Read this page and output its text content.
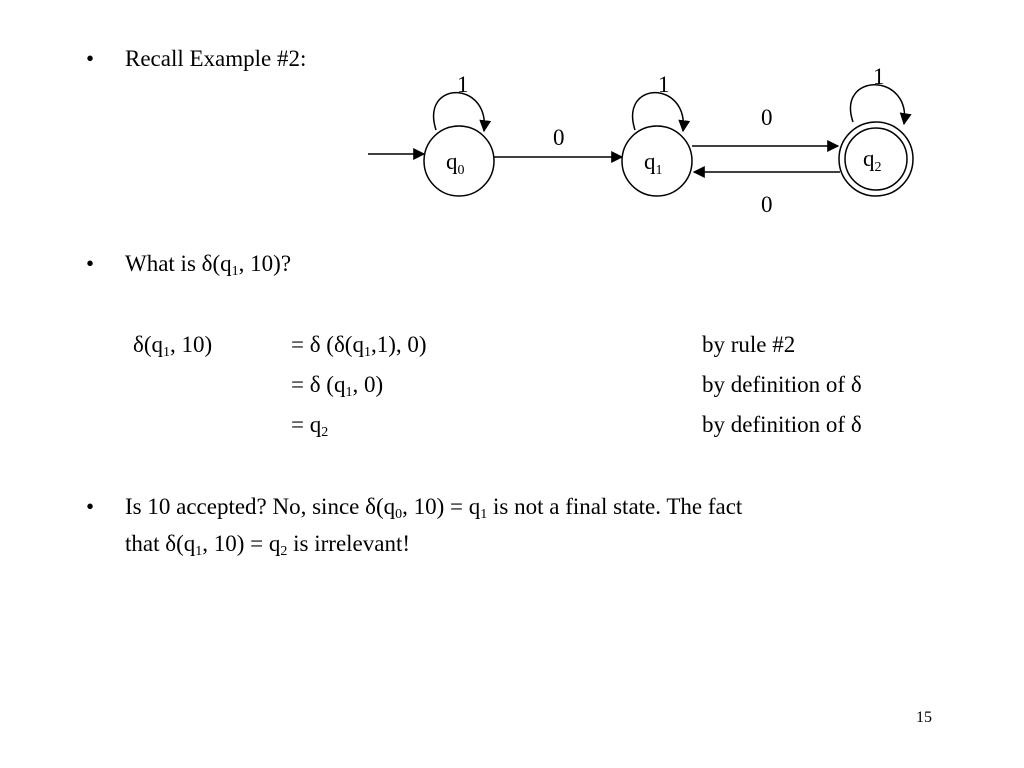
• Recall Example #2:
$q_0$
1
0
$q_1$
1
0
0
$q_2$
1
• What is $\delta(q_1$, 10)?
$\delta(q_1$, 10)	= δ ($\delta(q_1,1)$, 0)	by rule #2
= δ ($q_1$, 0)	by definition of δ
= $q_2$	by definition of δ
• Is 10 accepted? No, since $\delta(q_0$, $10) = q_1$ is not a final state. The fact
that $\delta(q_1$, $10) = q_2$ is irrelevant!
15
